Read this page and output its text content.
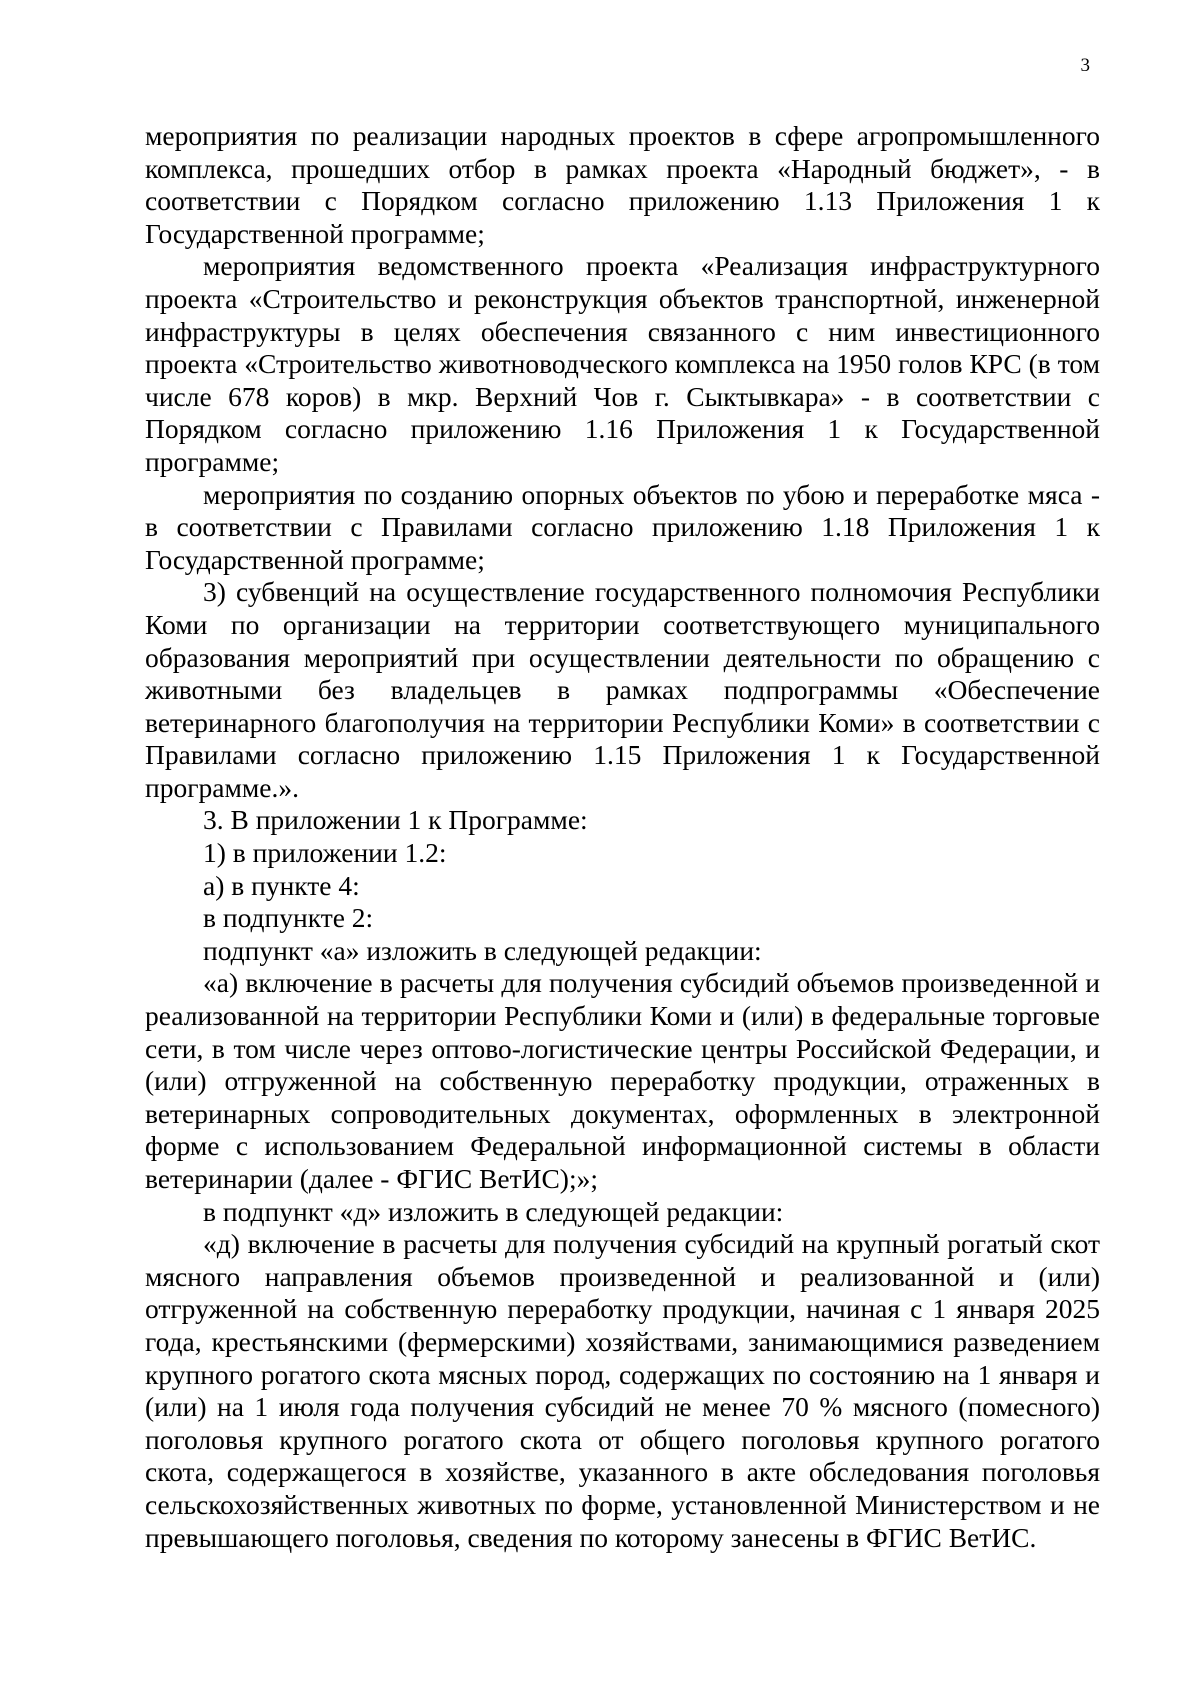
3

мероприятия по реализации народных проектов в сфере агропромышленного комплекса, прошедших отбор в рамках проекта «Народный бюджет», - в соответствии с Порядком согласно приложению 1.13 Приложения 1 к Государственной программе;

мероприятия ведомственного проекта «Реализация инфраструктурного проекта «Строительство и реконструкция объектов транспортной, инженерной инфраструктуры в целях обеспечения связанного с ним инвестиционного проекта «Строительство животноводческого комплекса на 1950 голов КРС (в том числе 678 коров) в мкр. Верхний Чов г. Сыктывкара» - в соответствии с Порядком согласно приложению 1.16 Приложения 1 к Государственной программе;

мероприятия по созданию опорных объектов по убою и переработке мяса - в соответствии с Правилами согласно приложению 1.18 Приложения 1 к Государственной программе;

3) субвенций на осуществление государственного полномочия Республики Коми по организации на территории соответствующего муниципального образования мероприятий при осуществлении деятельности по обращению с животными без владельцев в рамках подпрограммы «Обеспечение ветеринарного благополучия на территории Республики Коми» в соответствии с Правилами согласно приложению 1.15 Приложения 1 к Государственной программе.».

3. В приложении 1 к Программе:

1) в приложении 1.2:

а) в пункте 4:

в подпункте 2:

подпункт «а» изложить в следующей редакции:

«а) включение в расчеты для получения субсидий объемов произведенной и реализованной на территории Республики Коми и (или) в федеральные торговые сети, в том числе через оптово-логистические центры Российской Федерации, и (или) отгруженной на собственную переработку продукции, отраженных в ветеринарных сопроводительных документах, оформленных в электронной форме с использованием Федеральной информационной системы в области ветеринарии (далее - ФГИС ВетИС);»;

в подпункт «д» изложить в следующей редакции:

«д) включение в расчеты для получения субсидий на крупный рогатый скот мясного направления объемов произведенной и реализованной и (или) отгруженной на собственную переработку продукции, начиная с 1 января 2025 года, крестьянскими (фермерскими) хозяйствами, занимающимися разведением крупного рогатого скота мясных пород, содержащих по состоянию на 1 января и (или) на 1 июля года получения субсидий не менее 70 % мясного (помесного) поголовья крупного рогатого скота от общего поголовья крупного рогатого скота, содержащегося в хозяйстве, указанного в акте обследования поголовья сельскохозяйственных животных по форме, установленной Министерством и не превышающего поголовья, сведения по которому занесены в ФГИС ВетИС.
